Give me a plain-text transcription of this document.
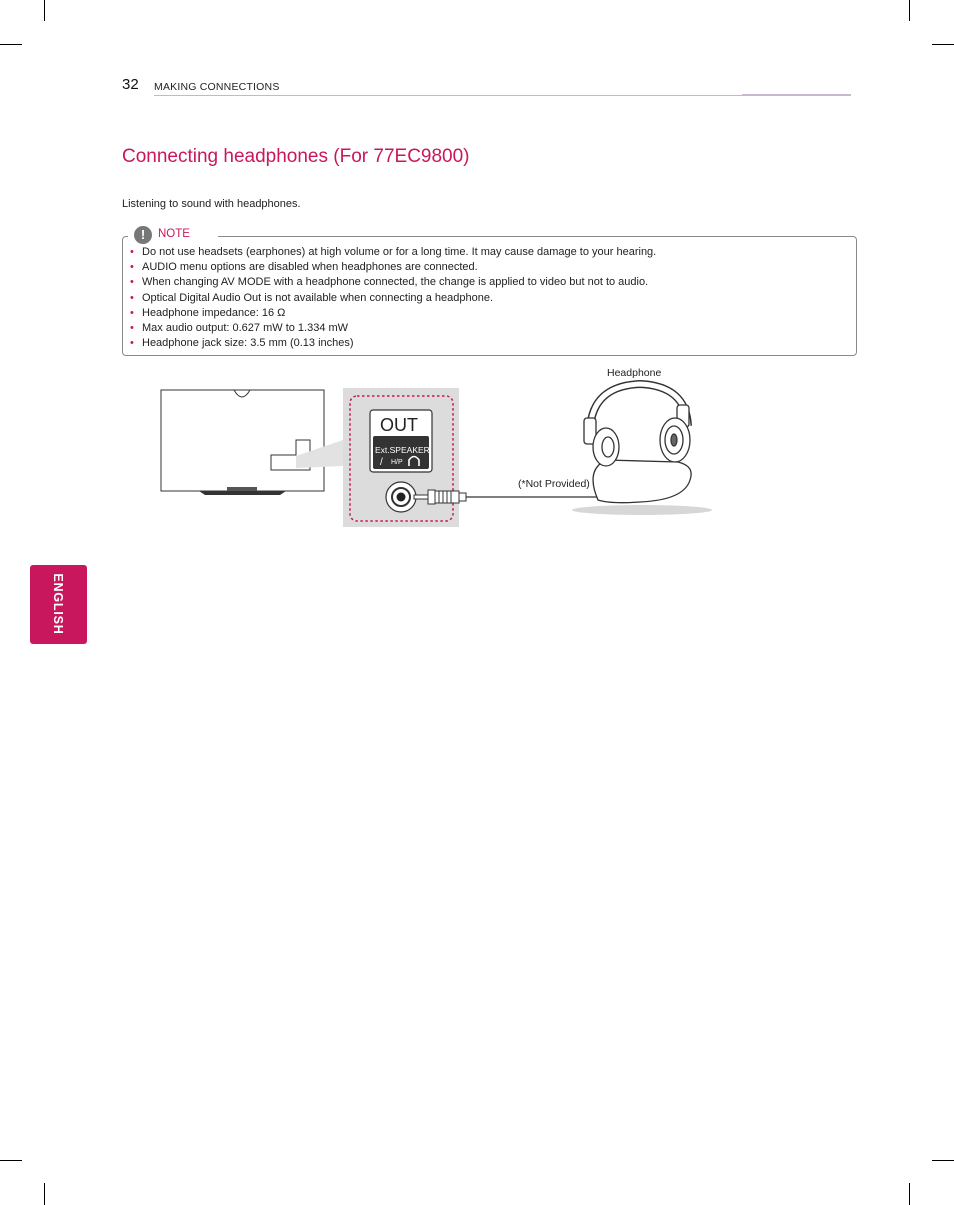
32 MAKING CONNECTIONS
Connecting headphones (For 77EC9800)
Listening to sound with headphones.
!	NOTE
• Do not use headsets (earphones) at high volume or for a long time. It may cause damage to your hearing.
• AUDIO menu options are disabled when headphones are connected.
• When changing AV MODE with a headphone connected, the change is applied to video but not to audio.
• Optical Digital Audio Out is not available when connecting a headphone.
• Headphone impedance: 16 Ω
• Max audio output: 0.627 mW to 1.334 mW
• Headphone jack size: 3.5 mm (0.13 inches)
OUT
Ext.SPEAKER
/ H/P
Headphone
(*Not Provided)
ENGLISH
